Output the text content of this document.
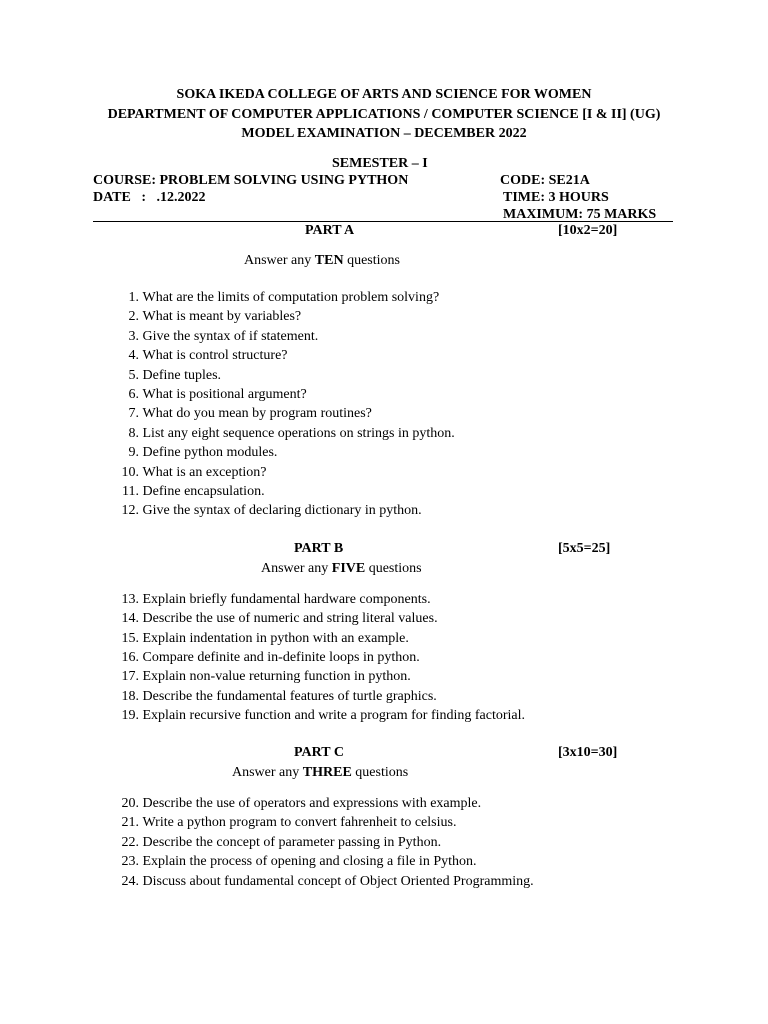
SOKA IKEDA COLLEGE OF ARTS AND SCIENCE FOR WOMEN
DEPARTMENT OF COMPUTER APPLICATIONS / COMPUTER SCIENCE [I & II] (UG)
MODEL EXAMINATION – DECEMBER 2022
SEMESTER – I
COURSE: PROBLEM SOLVING USING PYTHON	CODE: SE21A
DATE   :   .12.2022	TIME: 3 HOURS
MAXIMUM: 75 MARKS
PART A	[10x2=20]
Answer any TEN questions
PART B	[5x5=25]
Answer any FIVE questions
PART C	[3x10=30]
Answer any THREE questions
1. What are the limits of computation problem solving?
2. What is meant by variables?
3. Give the syntax of if statement.
4. What is control structure?
5. Define tuples.
6. What is positional argument?
7. What do you mean by program routines?
8. List any eight sequence operations on strings in python.
9. Define python modules.
10. What is an exception?
11. Define encapsulation.
12. Give the syntax of declaring dictionary in python.
13. Explain briefly fundamental hardware components.
14. Describe the use of numeric and string literal values.
15. Explain indentation in python with an example.
16. Compare definite and in-definite loops in python.
17. Explain non-value returning function in python.
18. Describe the fundamental features of turtle graphics.
19. Explain recursive function and write a program for finding factorial.
20. Describe the use of operators and expressions with example.
21. Write a python program to convert fahrenheit to celsius.
22. Describe the concept of parameter passing in Python.
23. Explain the process of opening and closing a file in Python.
24. Discuss about fundamental concept of Object Oriented Programming.
